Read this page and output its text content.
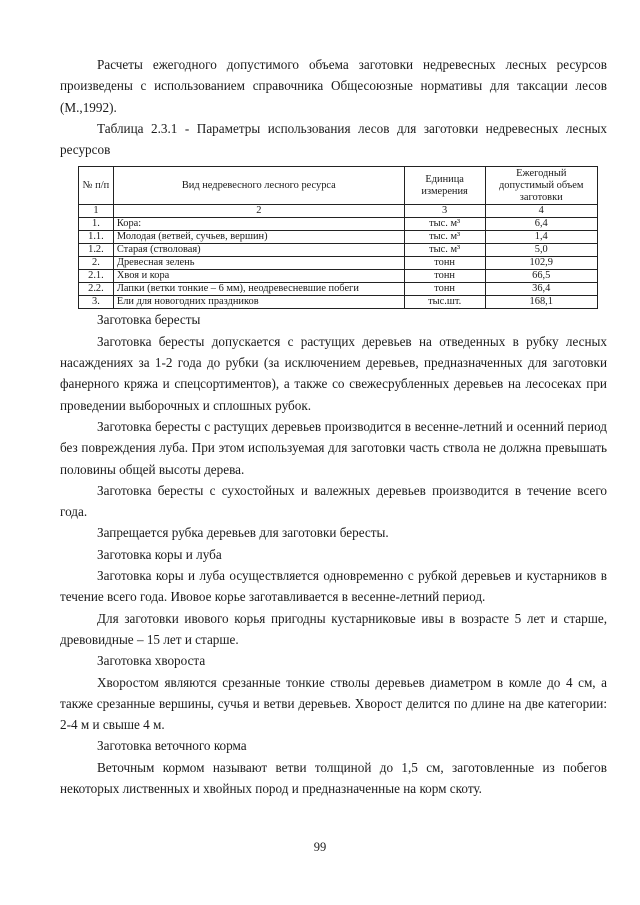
Расчеты ежегодного допустимого объема заготовки недревесных лесных ресурсов произведены с использованием справочника Общесоюзные нормативы для таксации лесов (М.,1992).

Таблица 2.3.1 - Параметры использования лесов для заготовки недревесных лесных ресурсов

№ п/п	Вид недревесного лесного ресурса	Единица измерения	Ежегодный допустимый объем заготовки
1	2	3	4
1.	Кора:	тыс. м³	6,4
1.1.	Молодая (ветвей, сучьев, вершин)	тыс. м³	1,4
1.2.	Старая (стволовая)	тыс. м³	5,0
2.	Древесная зелень	тонн	102,9
2.1.	Хвоя и кора	тонн	66,5
2.2.	Лапки (ветки тонкие – 6 мм), неодревесневшие побеги	тонн	36,4
3.	Ели для новогодних праздников	тыс.шт.	168,1

Заготовка бересты

Заготовка бересты допускается с растущих деревьев на отведенных в рубку лесных насаждениях за 1-2 года до рубки (за исключением деревьев, предназначенных для заготовки фанерного кряжа и спецсортиментов), а также со свежесрубленных деревьев на лесосеках при проведении выборочных и сплошных рубок.

Заготовка бересты с растущих деревьев производится в весенне-летний и осенний период без повреждения луба. При этом используемая для заготовки часть ствола не должна превышать половины общей высоты дерева.

Заготовка бересты с сухостойных и валежных деревьев производится в течение всего года.

Запрещается рубка деревьев для заготовки бересты.

Заготовка коры и луба

Заготовка коры и луба осуществляется одновременно с рубкой деревьев и кустарников в течение всего года. Ивовое корье заготавливается в весенне-летний период.

Для заготовки ивового корья пригодны кустарниковые ивы в возрасте 5 лет и старше, древовидные – 15 лет и старше.

Заготовка хвороста

Хворостом являются срезанные тонкие стволы деревьев диаметром в комле до 4 см, а также срезанные вершины, сучья и ветви деревьев. Хворост делится по длине на две категории: 2-4 м и свыше 4 м.

Заготовка веточного корма

Веточным кормом называют ветви толщиной до 1,5 см, заготовленные из побегов некоторых лиственных и хвойных пород и предназначенные на корм скоту.

99
